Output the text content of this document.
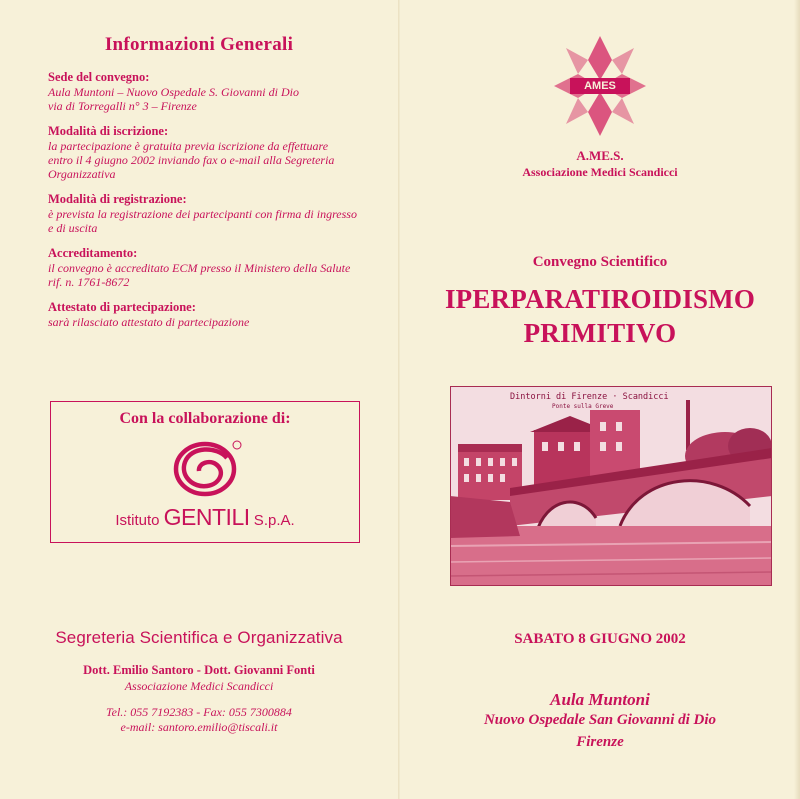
Informazioni Generali
Sede del convegno:
Aula Muntoni – Nuovo Ospedale S. Giovanni di Dio
via di Torregalli n° 3 – Firenze
Modalità di iscrizione:
la partecipazione è gratuita previa iscrizione da effettuare
entro il 4 giugno 2002 inviando fax o e-mail alla Segreteria
Organizzativa
Modalità di registrazione:
è prevista la registrazione dei partecipanti con firma di ingresso
e di uscita
Accreditamento:
il convegno è accreditato ECM presso il Ministero della Salute
rif. n. 1761-8672
Attestato di partecipazione:
sarà rilasciato attestato di partecipazione
Con la collaborazione di:
Istituto GENTILI S.p.A.
Segreteria Scientifica e Organizzativa
Dott. Emilio Santoro - Dott. Giovanni Fonti
Associazione Medici Scandicci
Tel.: 055 7192383 - Fax: 055 7300884
e-mail: santoro.emilio@tiscali.it
AMES
A.ME.S.
Associazione Medici Scandicci
Convegno Scientifico
IPERPARATIROIDISMO
PRIMITIVO
Dintorni di Firenze · Scandicci
Ponte sulla Greve
SABATO 8 GIUGNO 2002
Aula Muntoni
Nuovo Ospedale San Giovanni di Dio
Firenze
